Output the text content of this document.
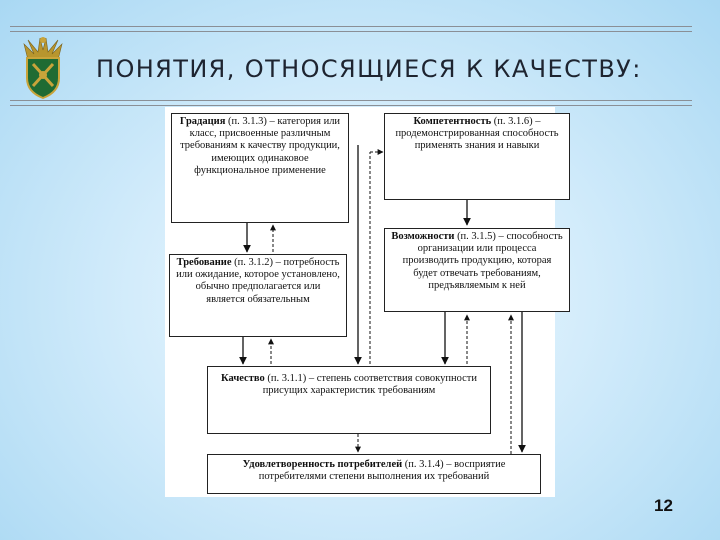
ПОНЯТИЯ, ОТНОСЯЩИЕСЯ К КАЧЕСТВУ:
Градация (п. 3.1.3) – категория или класс, присвоенные различным требованиям к качеству продукции, имеющих одинаковое функциональное применение
Компетентность (п. 3.1.6) – продемонстрированная способность применять знания и навыки
Требование (п. 3.1.2) – потребность или ожидание, которое установлено, обычно предполагается или является обязательным
Возможности (п. 3.1.5) – способность организации или процесса производить продукцию, которая будет отвечать требованиям, предъявляемым к ней
Качество (п. 3.1.1) – степень соответствия совокупности присущих характеристик требованиям
Удовлетворенность потребителей (п. 3.1.4) – восприятие потребителями степени выполнения их требований
12
